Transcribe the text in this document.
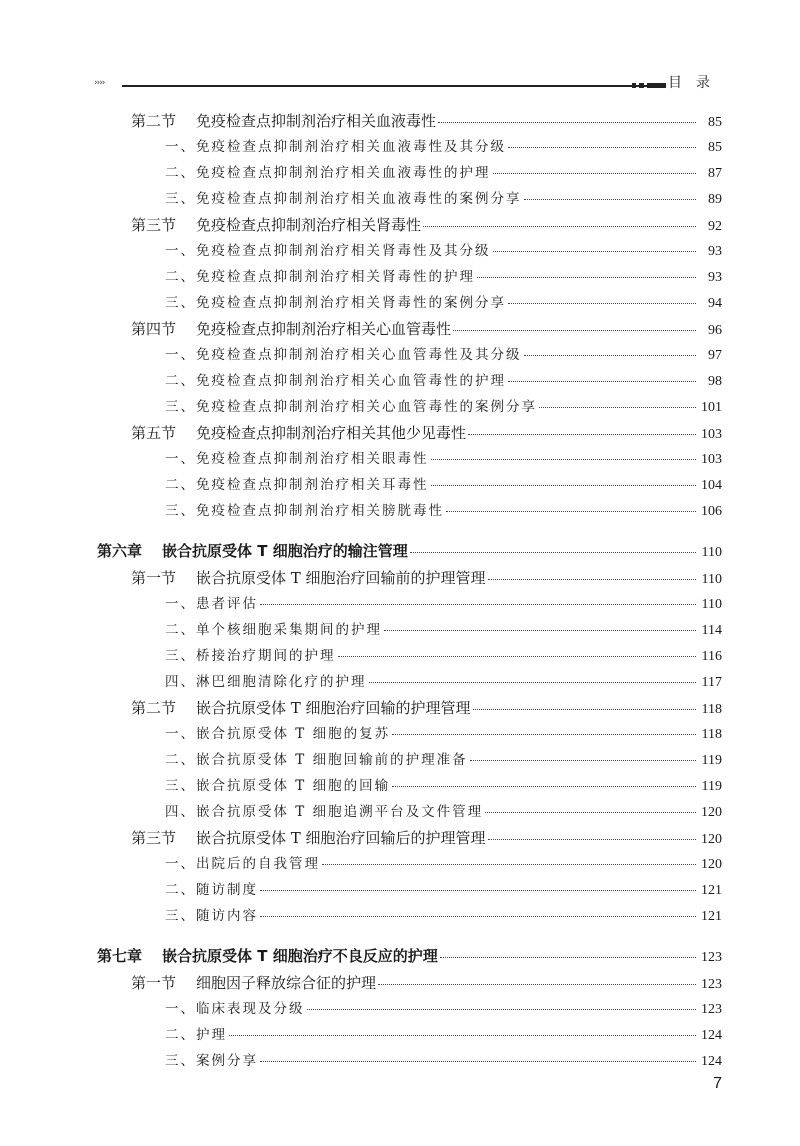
››››	目录
第二节 免疫检查点抑制剂治疗相关血液毒性	85
一、 免疫检查点抑制剂治疗相关血液毒性及其分级	85
二、 免疫检查点抑制剂治疗相关血液毒性的护理	87
三、 免疫检查点抑制剂治疗相关血液毒性的案例分享	89
第三节 免疫检查点抑制剂治疗相关肾毒性	92
一、 免疫检查点抑制剂治疗相关肾毒性及其分级	93
二、 免疫检查点抑制剂治疗相关肾毒性的护理	93
三、 免疫检查点抑制剂治疗相关肾毒性的案例分享	94
第四节 免疫检查点抑制剂治疗相关心血管毒性	96
一、 免疫检查点抑制剂治疗相关心血管毒性及其分级	97
二、 免疫检查点抑制剂治疗相关心血管毒性的护理	98
三、 免疫检查点抑制剂治疗相关心血管毒性的案例分享	101
第五节 免疫检查点抑制剂治疗相关其他少见毒性	103
一、 免疫检查点抑制剂治疗相关眼毒性	103
二、 免疫检查点抑制剂治疗相关耳毒性	104
三、 免疫检查点抑制剂治疗相关膀胱毒性	106
第六章 嵌合抗原受体 T 细胞治疗的输注管理	110
第一节 嵌合抗原受体 T 细胞治疗回输前的护理管理	110
一、 患者评估	110
二、 单个核细胞采集期间的护理	114
三、 桥接治疗期间的护理	116
四、 淋巴细胞清除化疗的护理	117
第二节 嵌合抗原受体 T 细胞治疗回输的护理管理	118
一、 嵌合抗原受体 T 细胞的复苏	118
二、 嵌合抗原受体 T 细胞回输前的护理准备	119
三、 嵌合抗原受体 T 细胞的回输	119
四、 嵌合抗原受体 T 细胞追溯平台及文件管理	120
第三节 嵌合抗原受体 T 细胞治疗回输后的护理管理	120
一、 出院后的自我管理	120
二、 随访制度	121
三、 随访内容	121
第七章 嵌合抗原受体 T 细胞治疗不良反应的护理	123
第一节 细胞因子释放综合征的护理	123
一、 临床表现及分级	123
二、 护理	124
三、 案例分享	124
7
